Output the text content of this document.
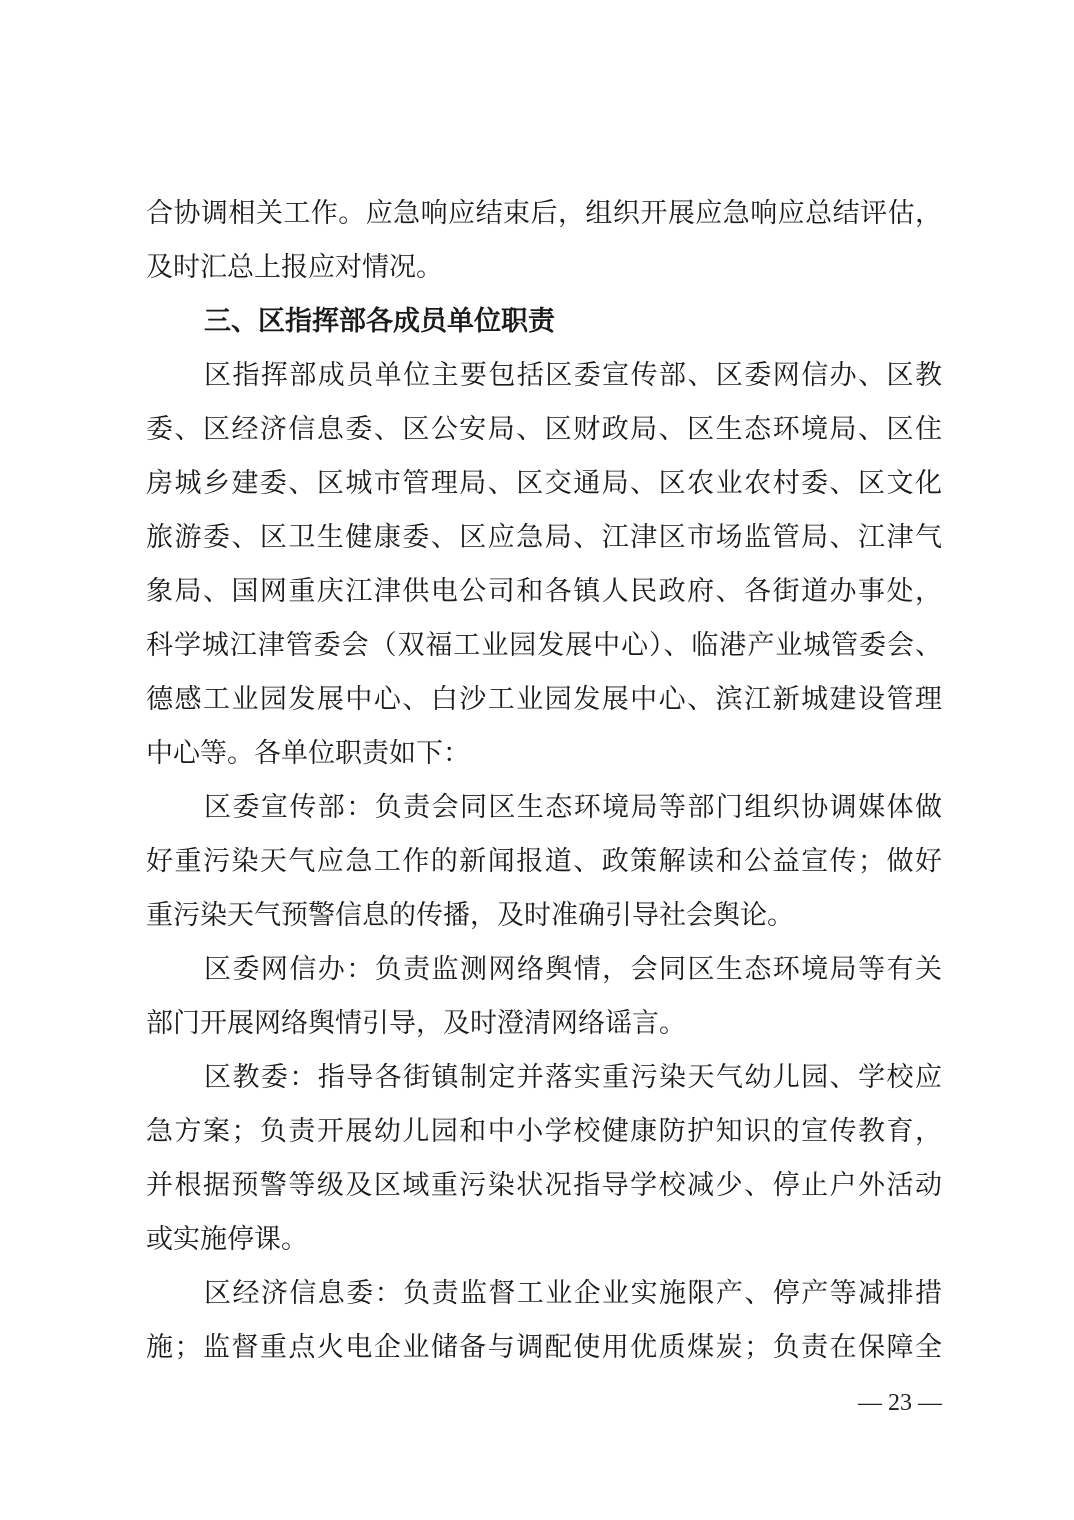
合协调相关工作。应急响应结束后，组织开展应急响应总结评估，
及时汇总上报应对情况。
三、区指挥部各成员单位职责
区指挥部成员单位主要包括区委宣传部、区委网信办、区教
委、区经济信息委、区公安局、区财政局、区生态环境局、区住
房城乡建委、区城市管理局、区交通局、区农业农村委、区文化
旅游委、区卫生健康委、区应急局、江津区市场监管局、江津气
象局、国网重庆江津供电公司和各镇人民政府、各街道办事处，
科学城江津管委会（双福工业园发展中心）、临港产业城管委会、
德感工业园发展中心、白沙工业园发展中心、滨江新城建设管理
中心等。各单位职责如下：
区委宣传部：负责会同区生态环境局等部门组织协调媒体做
好重污染天气应急工作的新闻报道、政策解读和公益宣传；做好
重污染天气预警信息的传播，及时准确引导社会舆论。
区委网信办：负责监测网络舆情，会同区生态环境局等有关
部门开展网络舆情引导，及时澄清网络谣言。
区教委：指导各街镇制定并落实重污染天气幼儿园、学校应
急方案；负责开展幼儿园和中小学校健康防护知识的宣传教育，
并根据预警等级及区域重污染状况指导学校减少、停止户外活动
或实施停课。
区经济信息委：负责监督工业企业实施限产、停产等减排措
施；监督重点火电企业储备与调配使用优质煤炭；负责在保障全
— 23 —
